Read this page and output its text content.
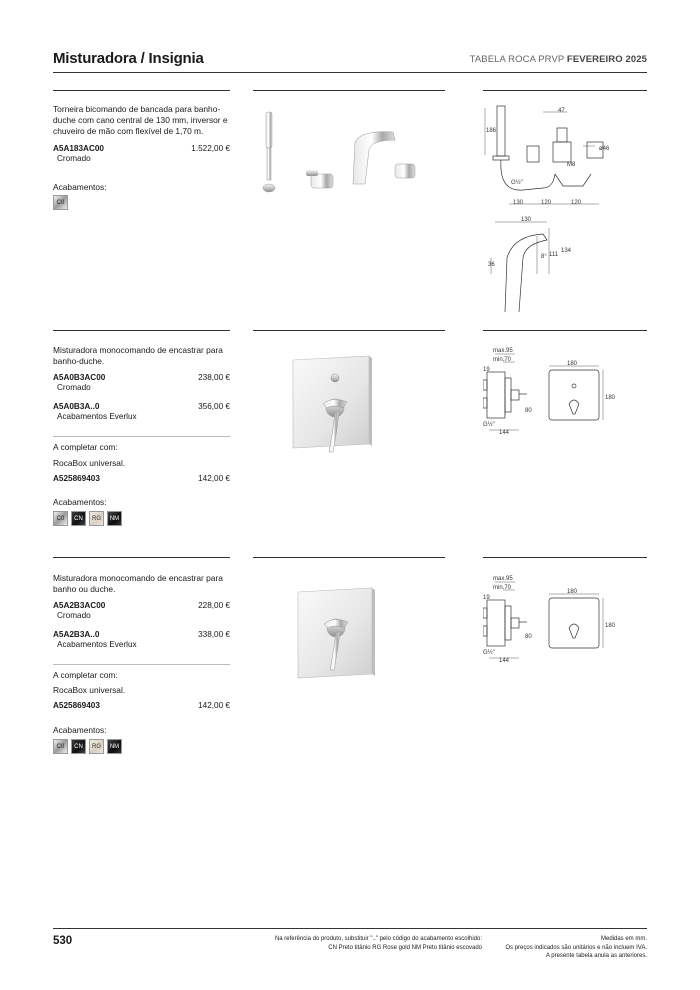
Misturadora / Insignia	TABELA ROCA PRVP FEVEREIRO 2025
Torneira bicomando de bancada para banho-duche com cano central de 130 mm, inversor e chuveiro de mão com flexível de 1,70 m.
A5A183AC00	1.522,00 €
Cromado
Acabamentos:
C0
186
47
ø46
M8
G½"
130	120	120
130
134
111
8°
36
Misturadora monocomando de encastrar para banho-duche.
A5A0B3AC00	238,00 €
Cromado
A5A0B3A..0	356,00 €
Acabamentos Everlux
A completar com:
RocaBox universal.
A525869403	142,00 €
Acabamentos:
C0	CN	RG	NM
max.95
min.70
19
80
G½"
144
180
180
Misturadora monocomando de encastrar para banho ou duche.
A5A2B3AC00	228,00 €
Cromado
A5A2B3A..0	338,00 €
Acabamentos Everlux
A completar com:
RocaBox universal.
A525869403	142,00 €
Acabamentos:
C0	CN	RG	NM
max.95
min.70
19
80
G½"
144
180
180
530	Na referência do produto, substituir ".." pelo código do acabamento escolhido:
CN Preto titânio RG Rose gold NM Preto titânio escovado
Medidas em mm.
Os preços indicados são unitários e não incluem IVA.
A presente tabela anula as anteriores.
